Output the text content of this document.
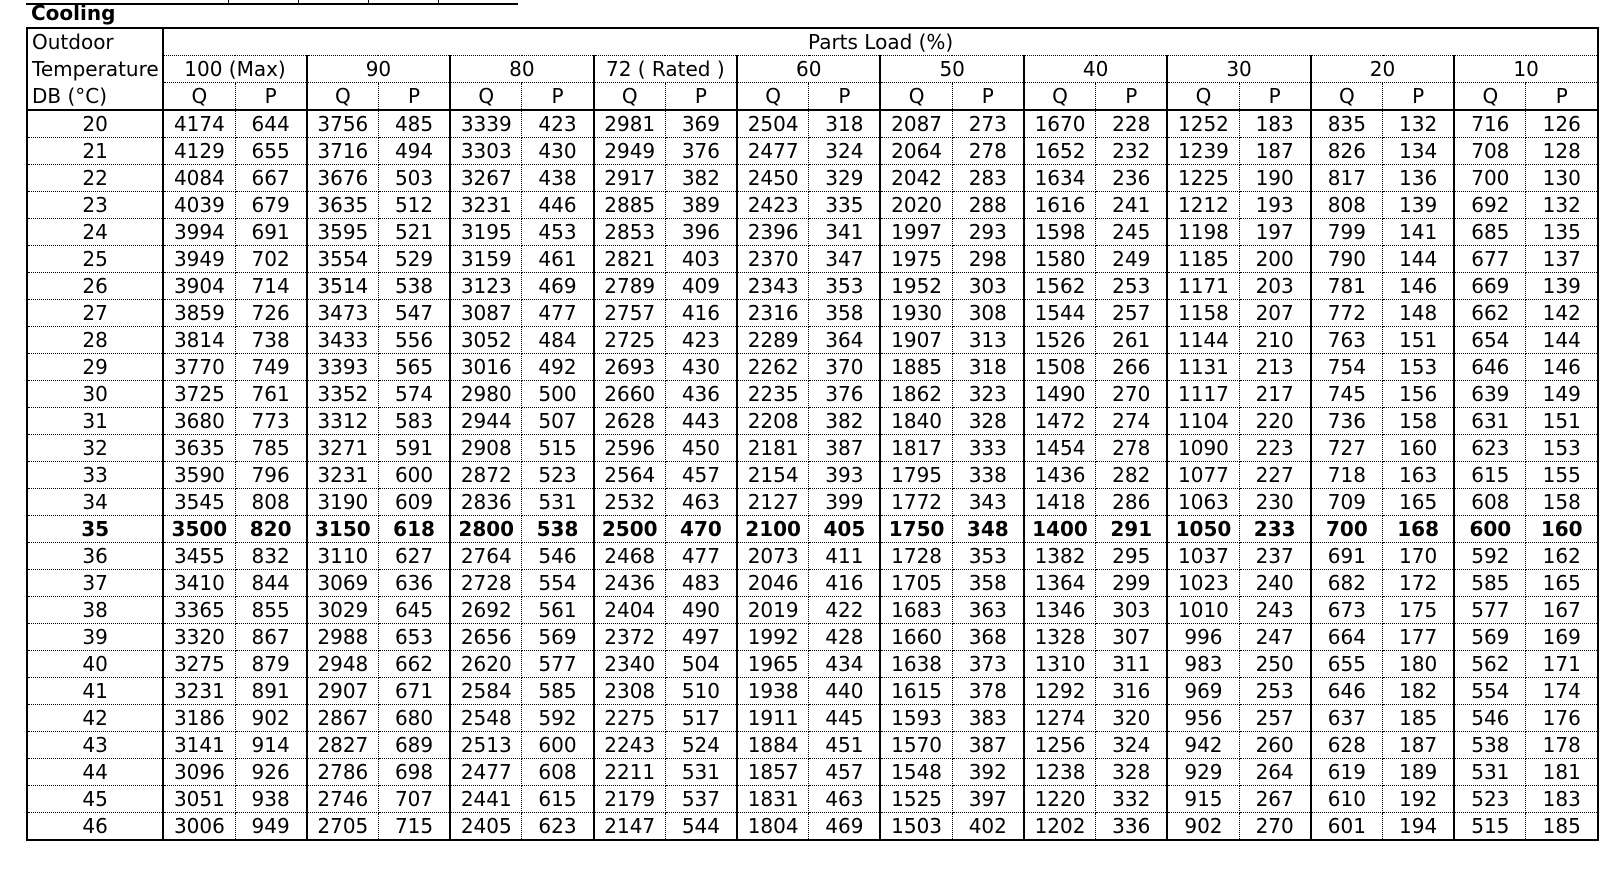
Cooling
Outdoor	Parts Load (%)																			
Temperature	100 (Max)		90		80		72 ( Rated )		60		50		40		30		20		10	
DB (°C)	Q	P	Q	P	Q	P	Q	P	Q	P	Q	P	Q	P	Q	P	Q	P	Q	P
20	4174	644	3756	485	3339	423	2981	369	2504	318	2087	273	1670	228	1252	183	835	132	716	126
21	4129	655	3716	494	3303	430	2949	376	2477	324	2064	278	1652	232	1239	187	826	134	708	128
22	4084	667	3676	503	3267	438	2917	382	2450	329	2042	283	1634	236	1225	190	817	136	700	130
23	4039	679	3635	512	3231	446	2885	389	2423	335	2020	288	1616	241	1212	193	808	139	692	132
24	3994	691	3595	521	3195	453	2853	396	2396	341	1997	293	1598	245	1198	197	799	141	685	135
25	3949	702	3554	529	3159	461	2821	403	2370	347	1975	298	1580	249	1185	200	790	144	677	137
26	3904	714	3514	538	3123	469	2789	409	2343	353	1952	303	1562	253	1171	203	781	146	669	139
27	3859	726	3473	547	3087	477	2757	416	2316	358	1930	308	1544	257	1158	207	772	148	662	142
28	3814	738	3433	556	3052	484	2725	423	2289	364	1907	313	1526	261	1144	210	763	151	654	144
29	3770	749	3393	565	3016	492	2693	430	2262	370	1885	318	1508	266	1131	213	754	153	646	146
30	3725	761	3352	574	2980	500	2660	436	2235	376	1862	323	1490	270	1117	217	745	156	639	149
31	3680	773	3312	583	2944	507	2628	443	2208	382	1840	328	1472	274	1104	220	736	158	631	151
32	3635	785	3271	591	2908	515	2596	450	2181	387	1817	333	1454	278	1090	223	727	160	623	153
33	3590	796	3231	600	2872	523	2564	457	2154	393	1795	338	1436	282	1077	227	718	163	615	155
34	3545	808	3190	609	2836	531	2532	463	2127	399	1772	343	1418	286	1063	230	709	165	608	158
35	3500	820	3150	618	2800	538	2500	470	2100	405	1750	348	1400	291	1050	233	700	168	600	160
36	3455	832	3110	627	2764	546	2468	477	2073	411	1728	353	1382	295	1037	237	691	170	592	162
37	3410	844	3069	636	2728	554	2436	483	2046	416	1705	358	1364	299	1023	240	682	172	585	165
38	3365	855	3029	645	2692	561	2404	490	2019	422	1683	363	1346	303	1010	243	673	175	577	167
39	3320	867	2988	653	2656	569	2372	497	1992	428	1660	368	1328	307	996	247	664	177	569	169
40	3275	879	2948	662	2620	577	2340	504	1965	434	1638	373	1310	311	983	250	655	180	562	171
41	3231	891	2907	671	2584	585	2308	510	1938	440	1615	378	1292	316	969	253	646	182	554	174
42	3186	902	2867	680	2548	592	2275	517	1911	445	1593	383	1274	320	956	257	637	185	546	176
43	3141	914	2827	689	2513	600	2243	524	1884	451	1570	387	1256	324	942	260	628	187	538	178
44	3096	926	2786	698	2477	608	2211	531	1857	457	1548	392	1238	328	929	264	619	189	531	181
45	3051	938	2746	707	2441	615	2179	537	1831	463	1525	397	1220	332	915	267	610	192	523	183
46	3006	949	2705	715	2405	623	2147	544	1804	469	1503	402	1202	336	902	270	601	194	515	185
